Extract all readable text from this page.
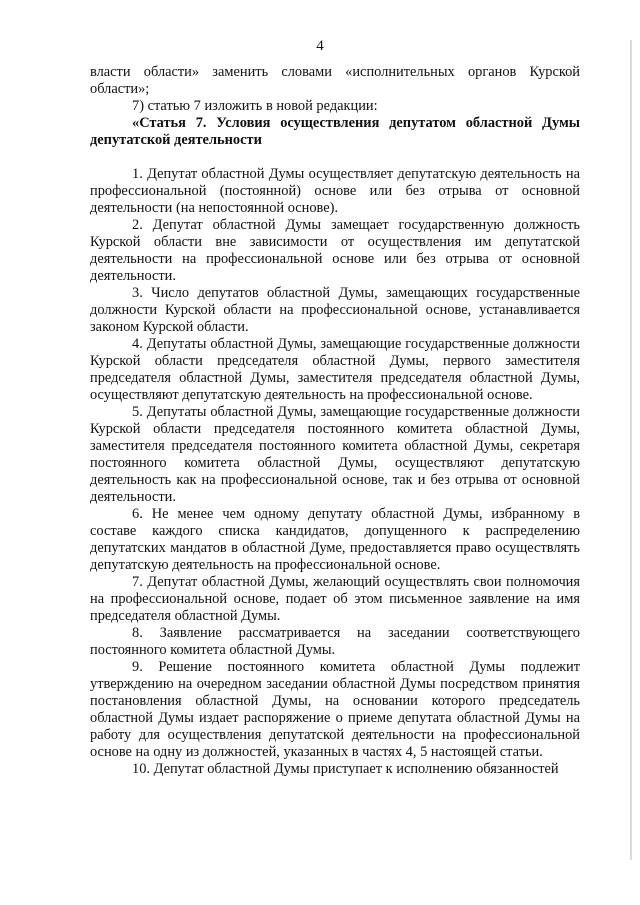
4

власти области» заменить словами «исполнительных органов Курской области»;

7) статью 7 изложить в новой редакции:

«Статья 7. Условия осуществления депутатом областной Думы депутатской деятельности

1. Депутат областной Думы осуществляет депутатскую деятельность на профессиональной (постоянной) основе или без отрыва от основной деятельности (на непостоянной основе).

2. Депутат областной Думы замещает государственную должность Курской области вне зависимости от осуществления им депутатской деятельности на профессиональной основе или без отрыва от основной деятельности.

3. Число депутатов областной Думы, замещающих государственные должности Курской области на профессиональной основе, устанавливается законом Курской области.

4. Депутаты областной Думы, замещающие государственные должности Курской области председателя областной Думы, первого заместителя председателя областной Думы, заместителя председателя областной Думы, осуществляют депутатскую деятельность на профессиональной основе.

5. Депутаты областной Думы, замещающие государственные должности Курской области председателя постоянного комитета областной Думы, заместителя председателя постоянного комитета областной Думы, секретаря постоянного комитета областной Думы, осуществляют депутатскую деятельность как на профессиональной основе, так и без отрыва от основной деятельности.

6. Не менее чем одному депутату областной Думы, избранному в составе каждого списка кандидатов, допущенного к распределению депутатских мандатов в областной Думе, предоставляется право осуществлять депутатскую деятельность на профессиональной основе.

7. Депутат областной Думы, желающий осуществлять свои полномочия на профессиональной основе, подает об этом письменное заявление на имя председателя областной Думы.

8. Заявление рассматривается на заседании соответствующего постоянного комитета областной Думы.

9. Решение постоянного комитета областной Думы подлежит утверждению на очередном заседании областной Думы посредством принятия постановления областной Думы, на основании которого председатель областной Думы издает распоряжение о приеме депутата областной Думы на работу для осуществления депутатской деятельности на профессиональной основе на одну из должностей, указанных в частях 4, 5 настоящей статьи.

10. Депутат областной Думы приступает к исполнению обязанностей
